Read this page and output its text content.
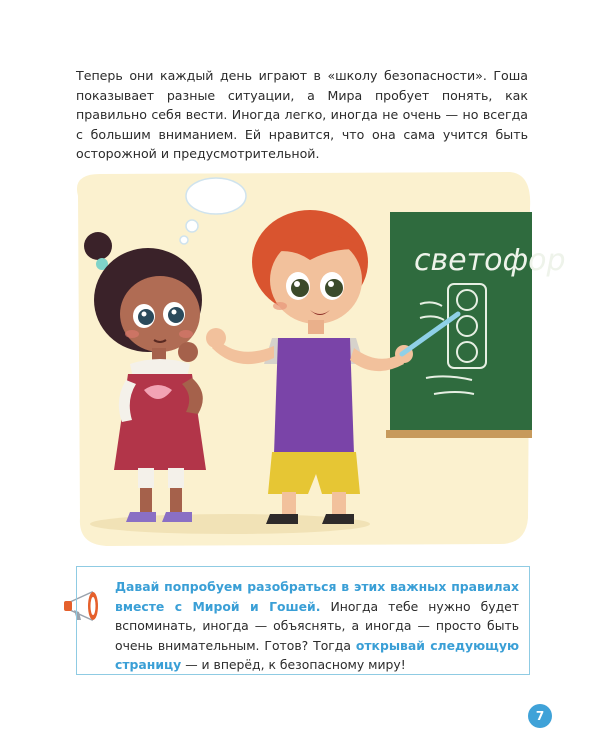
Теперь они каждый день играют в «школу безопасности». Гоша показывает разные ситуации, а Мира пробует понять, как правильно себя вести. Иногда легко, иногда не очень — но всегда с большим вниманием. Ей нравится, что она сама учится быть осторожной и предусмотрительной.

светофор

Давай попробуем разобраться в этих важных правилах вместе с Мирой и Гошей. Иногда тебе нужно будет вспоминать, иногда — объяснять, а иногда — просто быть очень внимательным. Готов? Тогда открывай следующую страницу — и вперёд, к безопасному миру!

7
